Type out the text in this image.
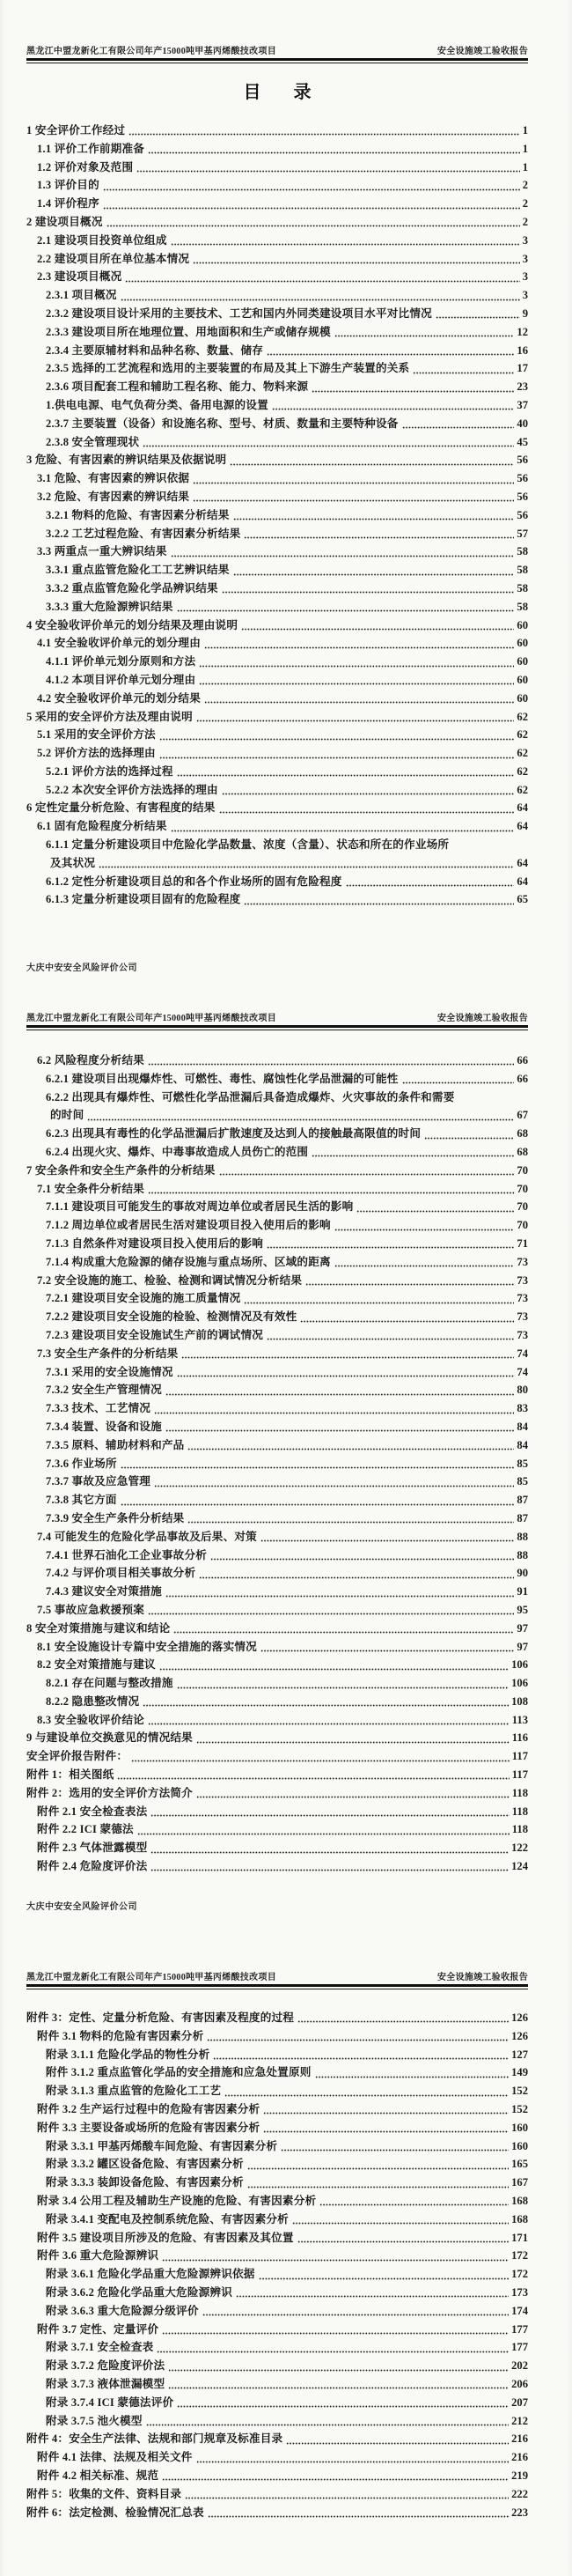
黑龙江中盟龙新化工有限公司年产15000吨甲基丙烯酸技改项目	安全设施竣工验收报告
目 录
1 安全评价工作经过	1
1.1 评价工作前期准备	1
1.2 评价对象及范围	1
1.3 评价目的	2
1.4 评价程序	2
2 建设项目概况	2
2.1 建设项目投资单位组成	3
2.2 建设项目所在单位基本情况	3
2.3 建设项目概况	3
2.3.1 项目概况	3
2.3.2 建设项目设计采用的主要技术、工艺和国内外同类建设项目水平对比情况	9
2.3.3 建设项目所在地理位置、用地面积和生产或储存规模	12
2.3.4 主要原辅材料和品种名称、数量、储存	16
2.3.5 选择的工艺流程和选用的主要装置的布局及其上下游生产装置的关系	17
2.3.6 项目配套工程和辅助工程名称、能力、物料来源	23
1.供电电源、电气负荷分类、备用电源的设置	37
2.3.7 主要装置（设备）和设施名称、型号、材质、数量和主要特种设备	40
2.3.8 安全管理现状	45
3 危险、有害因素的辨识结果及依据说明	56
3.1 危险、有害因素的辨识依据	56
3.2 危险、有害因素的辨识结果	56
3.2.1 物料的危险、有害因素分析结果	56
3.2.2 工艺过程危险、有害因素分析结果	57
3.3 两重点一重大辨识结果	58
3.3.1 重点监管危险化工工艺辨识结果	58
3.3.2 重点监管危险化学品辨识结果	58
3.3.3 重大危险源辨识结果	58
4 安全验收评价单元的划分结果及理由说明	60
4.1 安全验收评价单元的划分理由	60
4.1.1 评价单元划分原则和方法	60
4.1.2 本项目评价单元划分理由	60
4.2 安全验收评价单元的划分结果	60
5 采用的安全评价方法及理由说明	62
5.1 采用的安全评价方法	62
5.2 评价方法的选择理由	62
5.2.1 评价方法的选择过程	62
5.2.2 本次安全评价方法选择的理由	62
6 定性定量分析危险、有害程度的结果	64
6.1 固有危险程度分析结果	64
6.1.1 定量分析建设项目中危险化学品数量、浓度（含量）、状态和所在的作业场所
及其状况	64
6.1.2 定性分析建设项目总的和各个作业场所的固有危险程度	64
6.1.3 定量分析建设项目固有的危险程度	65
大庆中安安全风险评价公司
黑龙江中盟龙新化工有限公司年产15000吨甲基丙烯酸技改项目	安全设施竣工验收报告
6.2 风险程度分析结果	66
6.2.1 建设项目出现爆炸性、可燃性、毒性、腐蚀性化学品泄漏的可能性	66
6.2.2 出现具有爆炸性、可燃性化学品泄漏后具备造成爆炸、火灾事故的条件和需要
的时间	67
6.2.3 出现具有毒性的化学品泄漏后扩散速度及达到人的接触最高限值的时间	68
6.2.4 出现火灾、爆炸、中毒事故造成人员伤亡的范围	68
7 安全条件和安全生产条件的分析结果	70
7.1 安全条件分析结果	70
7.1.1 建设项目可能发生的事故对周边单位或者居民生活的影响	70
7.1.2 周边单位或者居民生活对建设项目投入使用后的影响	70
7.1.3 自然条件对建设项目投入使用后的影响	71
7.1.4 构成重大危险源的储存设施与重点场所、区域的距离	73
7.2 安全设施的施工、检验、检测和调试情况分析结果	73
7.2.1 建设项目安全设施的施工质量情况	73
7.2.2 建设项目安全设施的检验、检测情况及有效性	73
7.2.3 建设项目安全设施试生产前的调试情况	73
7.3 安全生产条件的分析结果	74
7.3.1 采用的安全设施情况	74
7.3.2 安全生产管理情况	80
7.3.3 技术、工艺情况	83
7.3.4 装置、设备和设施	84
7.3.5 原料、辅助材料和产品	84
7.3.6 作业场所	85
7.3.7 事故及应急管理	85
7.3.8 其它方面	87
7.3.9 安全生产条件分析结果	87
7.4 可能发生的危险化学品事故及后果、对策	88
7.4.1 世界石油化工企业事故分析	88
7.4.2 与评价项目相关事故分析	90
7.4.3 建议安全对策措施	91
7.5 事故应急救援预案	95
8 安全对策措施与建议和结论	97
8.1 安全设施设计专篇中安全措施的落实情况	97
8.2 安全对策措施与建议	106
8.2.1 存在问题与整改措施	106
8.2.2 隐患整改情况	108
8.3 安全验收评价结论	113
9 与建设单位交换意见的情况结果	116
安全评价报告附件：	117
附件 1：相关图纸	117
附件 2：选用的安全评价方法简介	118
附件 2.1 安全检查表法	118
附件 2.2 ICI 蒙德法	118
附件 2.3 气体泄露模型	122
附件 2.4 危险度评价法	124
大庆中安安全风险评价公司
黑龙江中盟龙新化工有限公司年产15000吨甲基丙烯酸技改项目	安全设施竣工验收报告
附件 3：定性、定量分析危险、有害因素及程度的过程	126
附件 3.1 物料的危险有害因素分析	126
附录 3.1.1 危险化学品的物性分析	127
附件 3.1.2 重点监管化学品的安全措施和应急处置原则	149
附录 3.1.3 重点监管的危险化工工艺	152
附件 3.2 生产运行过程中的危险有害因素分析	152
附件 3.3 主要设备或场所的危险有害因素分析	160
附录 3.3.1 甲基丙烯酸车间危险、有害因素分析	160
附录 3.3.2 罐区设备危险、有害因素分析	165
附录 3.3.3 装卸设备危险、有害因素分析	167
附录 3.4 公用工程及辅助生产设施的危险、有害因素分析	168
附录 3.4.1 变配电及控制系统危险、有害因素分析	168
附件 3.5 建设项目所涉及的危险、有害因素及其位置	171
附件 3.6 重大危险源辨识	172
附录 3.6.1 危险化学品重大危险源辨识依据	172
附录 3.6.2 危险化学品重大危险源辨识	173
附录 3.6.3 重大危险源分级评价	174
附件 3.7 定性、定量评价	177
附录 3.7.1 安全检查表	177
附录 3.7.2 危险度评价法	202
附录 3.7.3 液体泄漏模型	206
附录 3.7.4 ICI 蒙德法评价	207
附录 3.7.5 池火模型	212
附件 4：安全生产法律、法规和部门规章及标准目录	216
附件 4.1 法律、法规及相关文件	216
附件 4.2 相关标准、规范	219
附件 5：收集的文件、资料目录	222
附件 6：法定检测、检验情况汇总表	223
